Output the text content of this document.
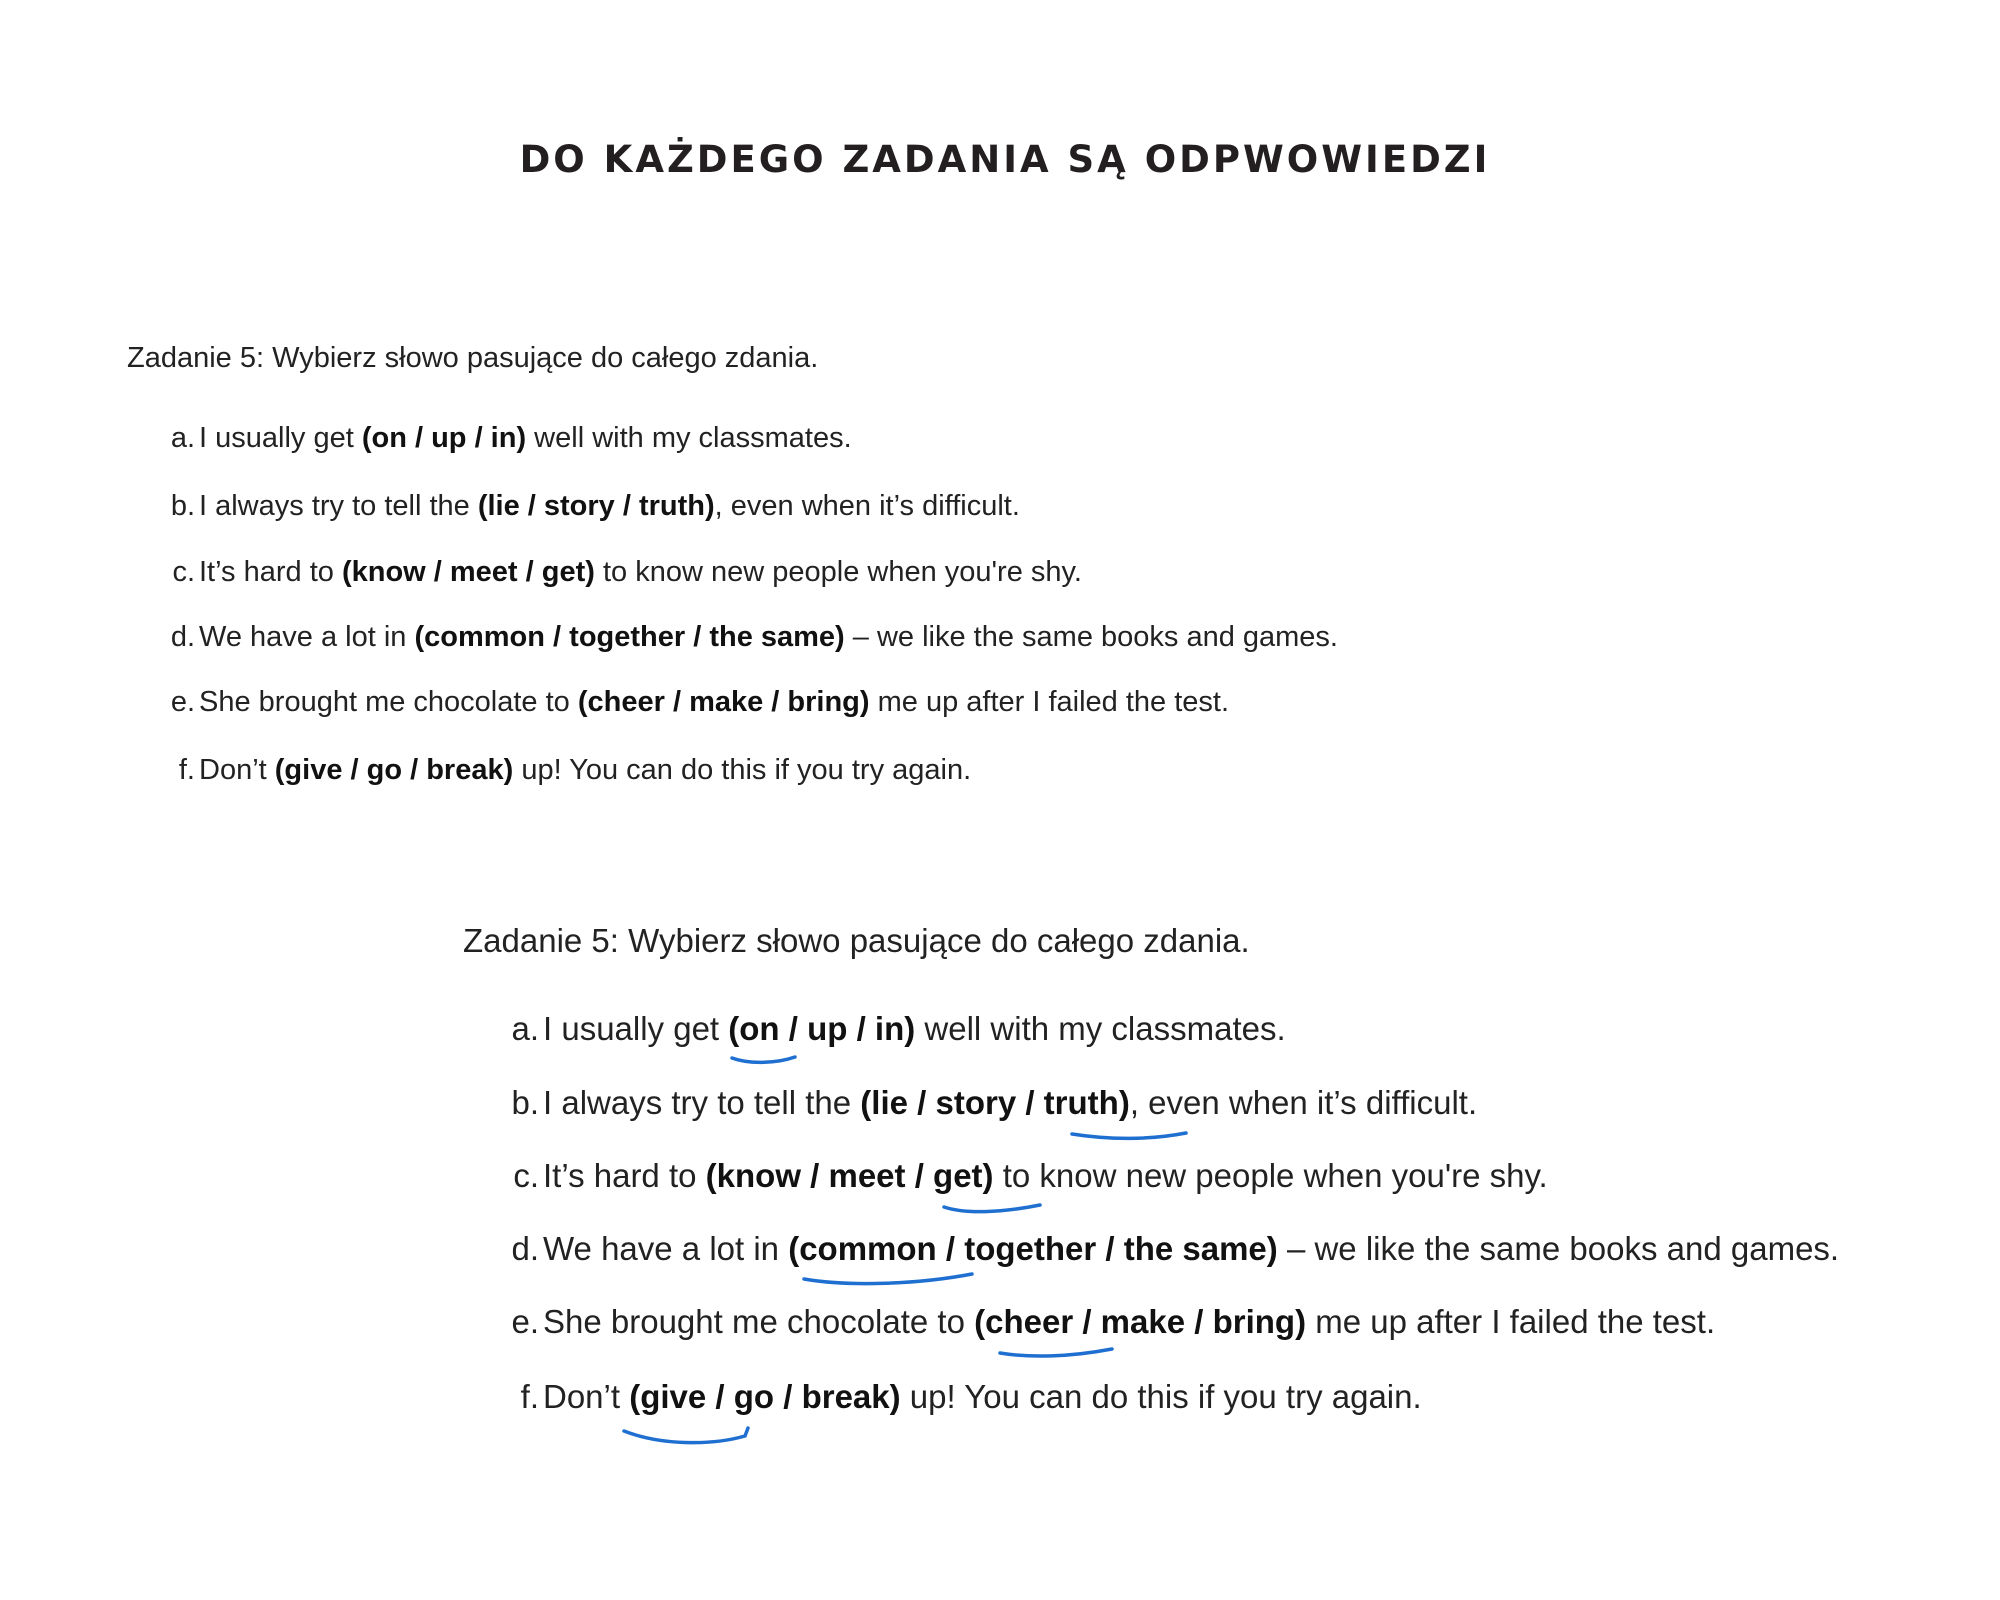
DO KAŻDEGO ZADANIA SĄ ODPWOWIEDZI
Zadanie 5: Wybierz słowo pasujące do całego zdania.
a. I usually get (on / up / in) well with my classmates.
b. I always try to tell the (lie / story / truth), even when it’s difficult.
c. It’s hard to (know / meet / get) to know new people when you're shy.
d. We have a lot in (common / together / the same) – we like the same books and games.
e. She brought me chocolate to (cheer / make / bring) me up after I failed the test.
f. Don’t (give / go / break) up! You can do this if you try again.
Zadanie 5: Wybierz słowo pasujące do całego zdania.
a. I usually get (on / up / in) well with my classmates.
b. I always try to tell the (lie / story / truth), even when it’s difficult.
c. It’s hard to (know / meet / get) to know new people when you're shy.
d. We have a lot in (common / together / the same) – we like the same books and games.
e. She brought me chocolate to (cheer / make / bring) me up after I failed the test.
f. Don’t (give / go / break) up! You can do this if you try again.
